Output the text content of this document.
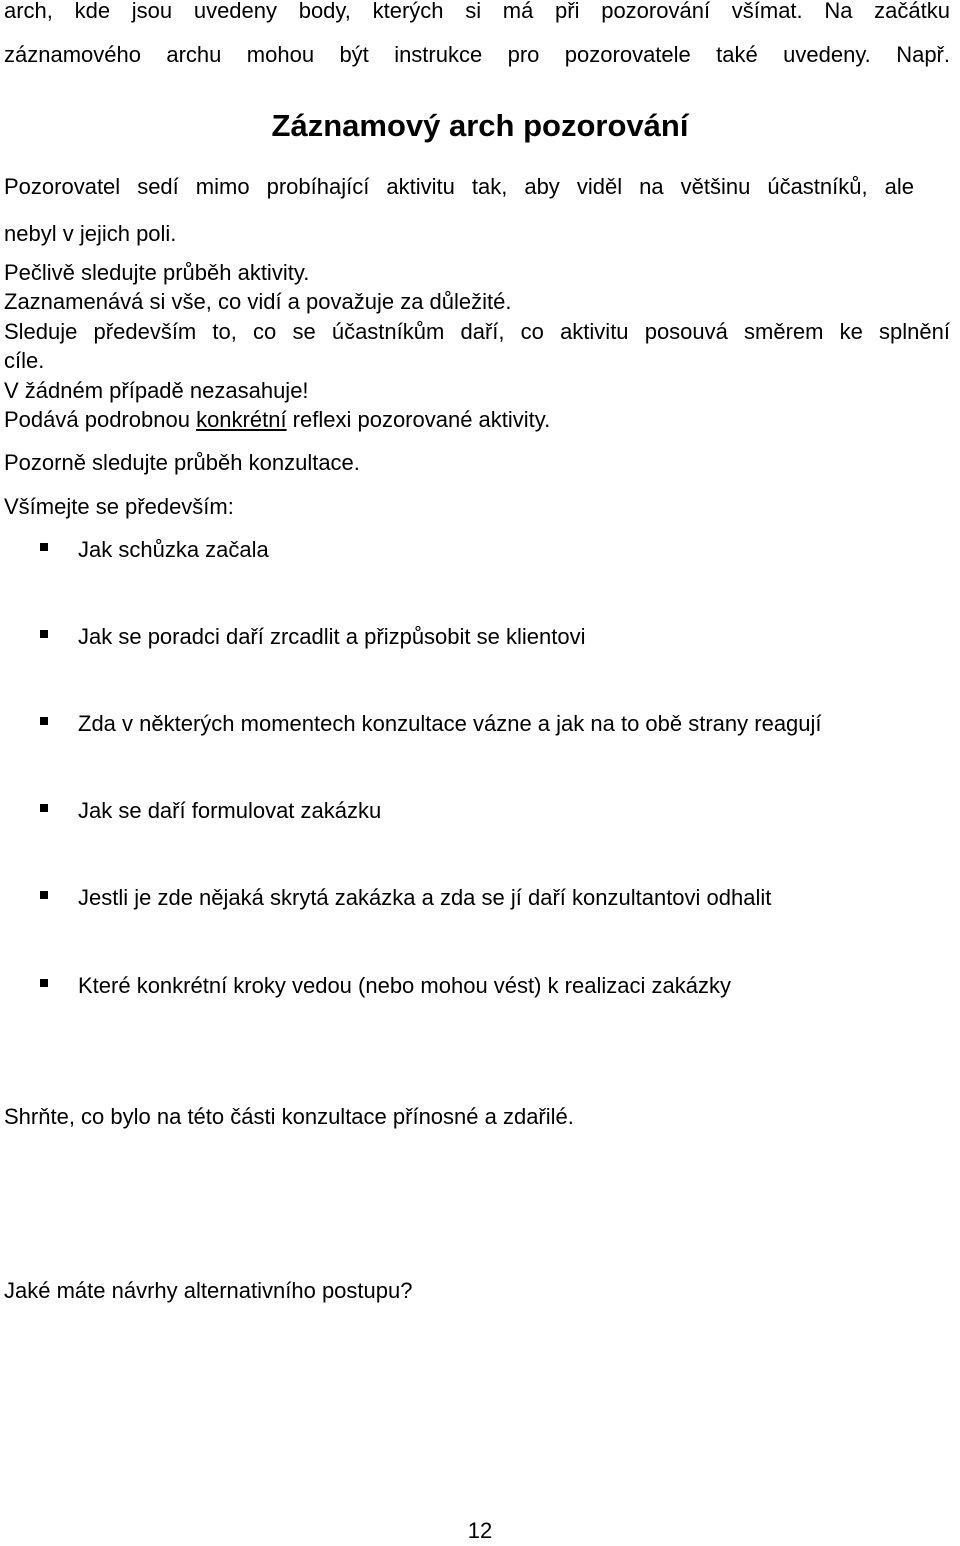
arch, kde jsou uvedeny body, kterých si má při pozorování všímat. Na začátku

záznamového archu mohou být instrukce pro pozorovatele také uvedeny. Např.

Záznamový arch pozorování

Pozorovatel sedí mimo probíhající aktivitu tak, aby viděl na většinu účastníků, ale

nebyl v jejich poli.

Pečlivě sledujte průběh aktivity.

Zaznamenává si vše, co vidí a považuje za důležité.

Sleduje především to, co se účastníkům daří, co aktivitu posouvá směrem ke splnění

cíle.

V žádném případě nezasahuje!

Podává podrobnou konkrétní reflexi pozorované aktivity.

Pozorně sledujte průběh konzultace.

Všímejte se především:

Jak schůzka začala
Jak se poradci daří zrcadlit a přizpůsobit se klientovi
Zda v některých momentech konzultace vázne a jak na to obě strany reagují
Jak se daří formulovat zakázku
Jestli je zde nějaká skrytá zakázka a zda se jí daří konzultantovi odhalit
Které konkrétní kroky vedou (nebo mohou vést) k realizaci zakázky

Shrňte, co bylo na této části konzultace přínosné a zdařilé.

Jaké máte návrhy alternativního postupu?

12
